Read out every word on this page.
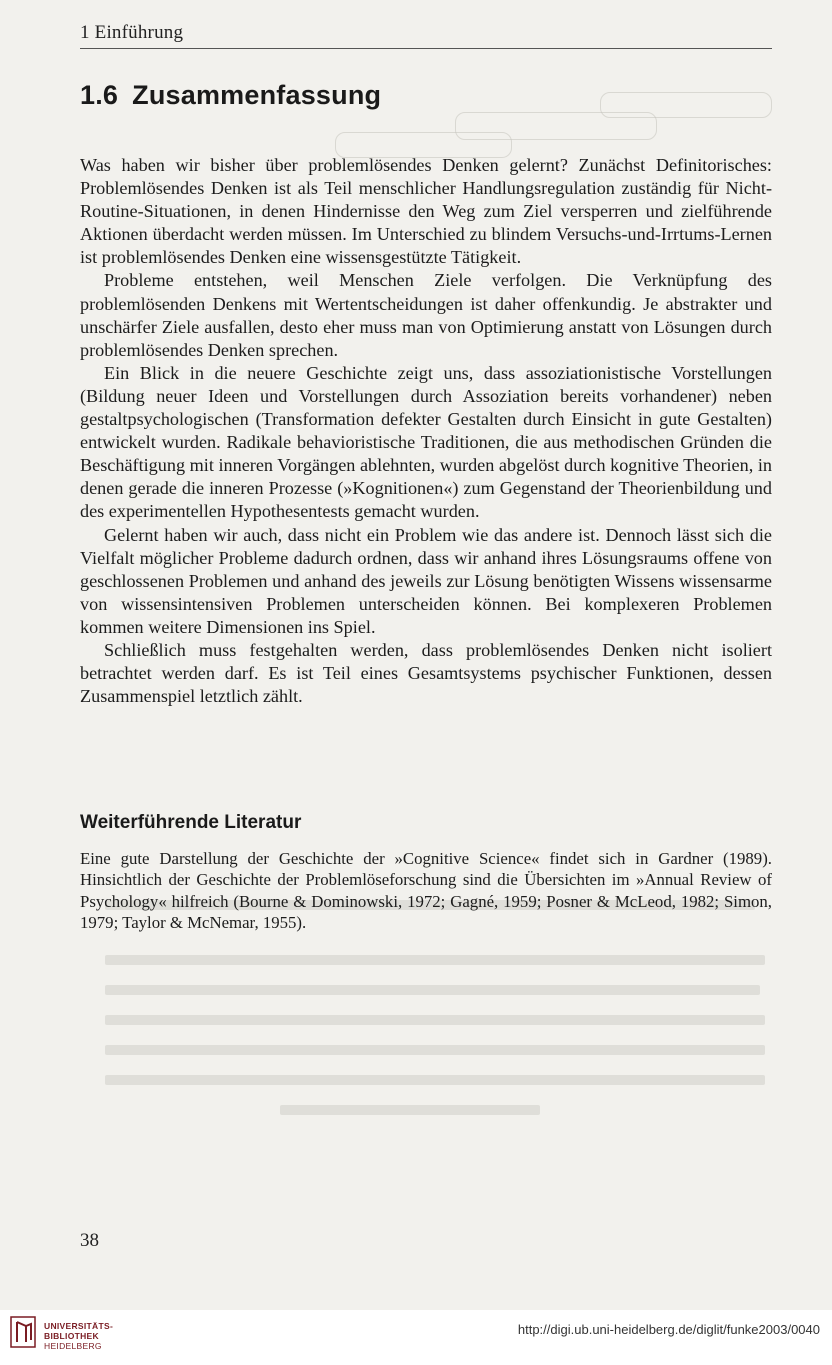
1 Einführung
1.6 Zusammenfassung

Was haben wir bisher über problemlösendes Denken gelernt? Zunächst Definitorisches: Problemlösendes Denken ist als Teil menschlicher Handlungsregulation zuständig für Nicht-Routine-Situationen, in denen Hindernisse den Weg zum Ziel versperren und zielführende Aktionen überdacht werden müssen. Im Unterschied zu blindem Versuchs-und-Irrtums-Lernen ist problemlösendes Denken eine wissensgestützte Tätigkeit.

Probleme entstehen, weil Menschen Ziele verfolgen. Die Verknüpfung des problemlösenden Denkens mit Wertentscheidungen ist daher offenkundig. Je abstrakter und unschärfer Ziele ausfallen, desto eher muss man von Optimierung anstatt von Lösungen durch problemlösendes Denken sprechen.

Ein Blick in die neuere Geschichte zeigt uns, dass assoziationistische Vorstellungen (Bildung neuer Ideen und Vorstellungen durch Assoziation bereits vorhandener) neben gestaltpsychologischen (Transformation defekter Gestalten durch Einsicht in gute Gestalten) entwickelt wurden. Radikale behavioristische Traditionen, die aus methodischen Gründen die Beschäftigung mit inneren Vorgängen ablehnten, wurden abgelöst durch kognitive Theorien, in denen gerade die inneren Prozesse (»Kognitionen«) zum Gegenstand der Theorienbildung und des experimentellen Hypothesentests gemacht wurden.

Gelernt haben wir auch, dass nicht ein Problem wie das andere ist. Dennoch lässt sich die Vielfalt möglicher Probleme dadurch ordnen, dass wir anhand ihres Lösungsraums offene von geschlossenen Problemen und anhand des jeweils zur Lösung benötigten Wissens wissensarme von wissensintensiven Problemen unterscheiden können. Bei komplexeren Problemen kommen weitere Dimensionen ins Spiel.

Schließlich muss festgehalten werden, dass problemlösendes Denken nicht isoliert betrachtet werden darf. Es ist Teil eines Gesamtsystems psychischer Funktionen, dessen Zusammenspiel letztlich zählt.

Weiterführende Literatur

Eine gute Darstellung der Geschichte der »Cognitive Science« findet sich in Gardner (1989). Hinsichtlich der Geschichte der Problemlöseforschung sind die Übersichten im »Annual Review of Psychology« hilfreich (Bourne & Dominowski, 1972; Gagné, 1959; Posner & McLeod, 1982; Simon, 1979; Taylor & McNemar, 1955).

38
UNIVERSITÄTS-
BIBLIOTHEK
HEIDELBERG
http://digi.ub.uni-heidelberg.de/diglit/funke2003/0040
